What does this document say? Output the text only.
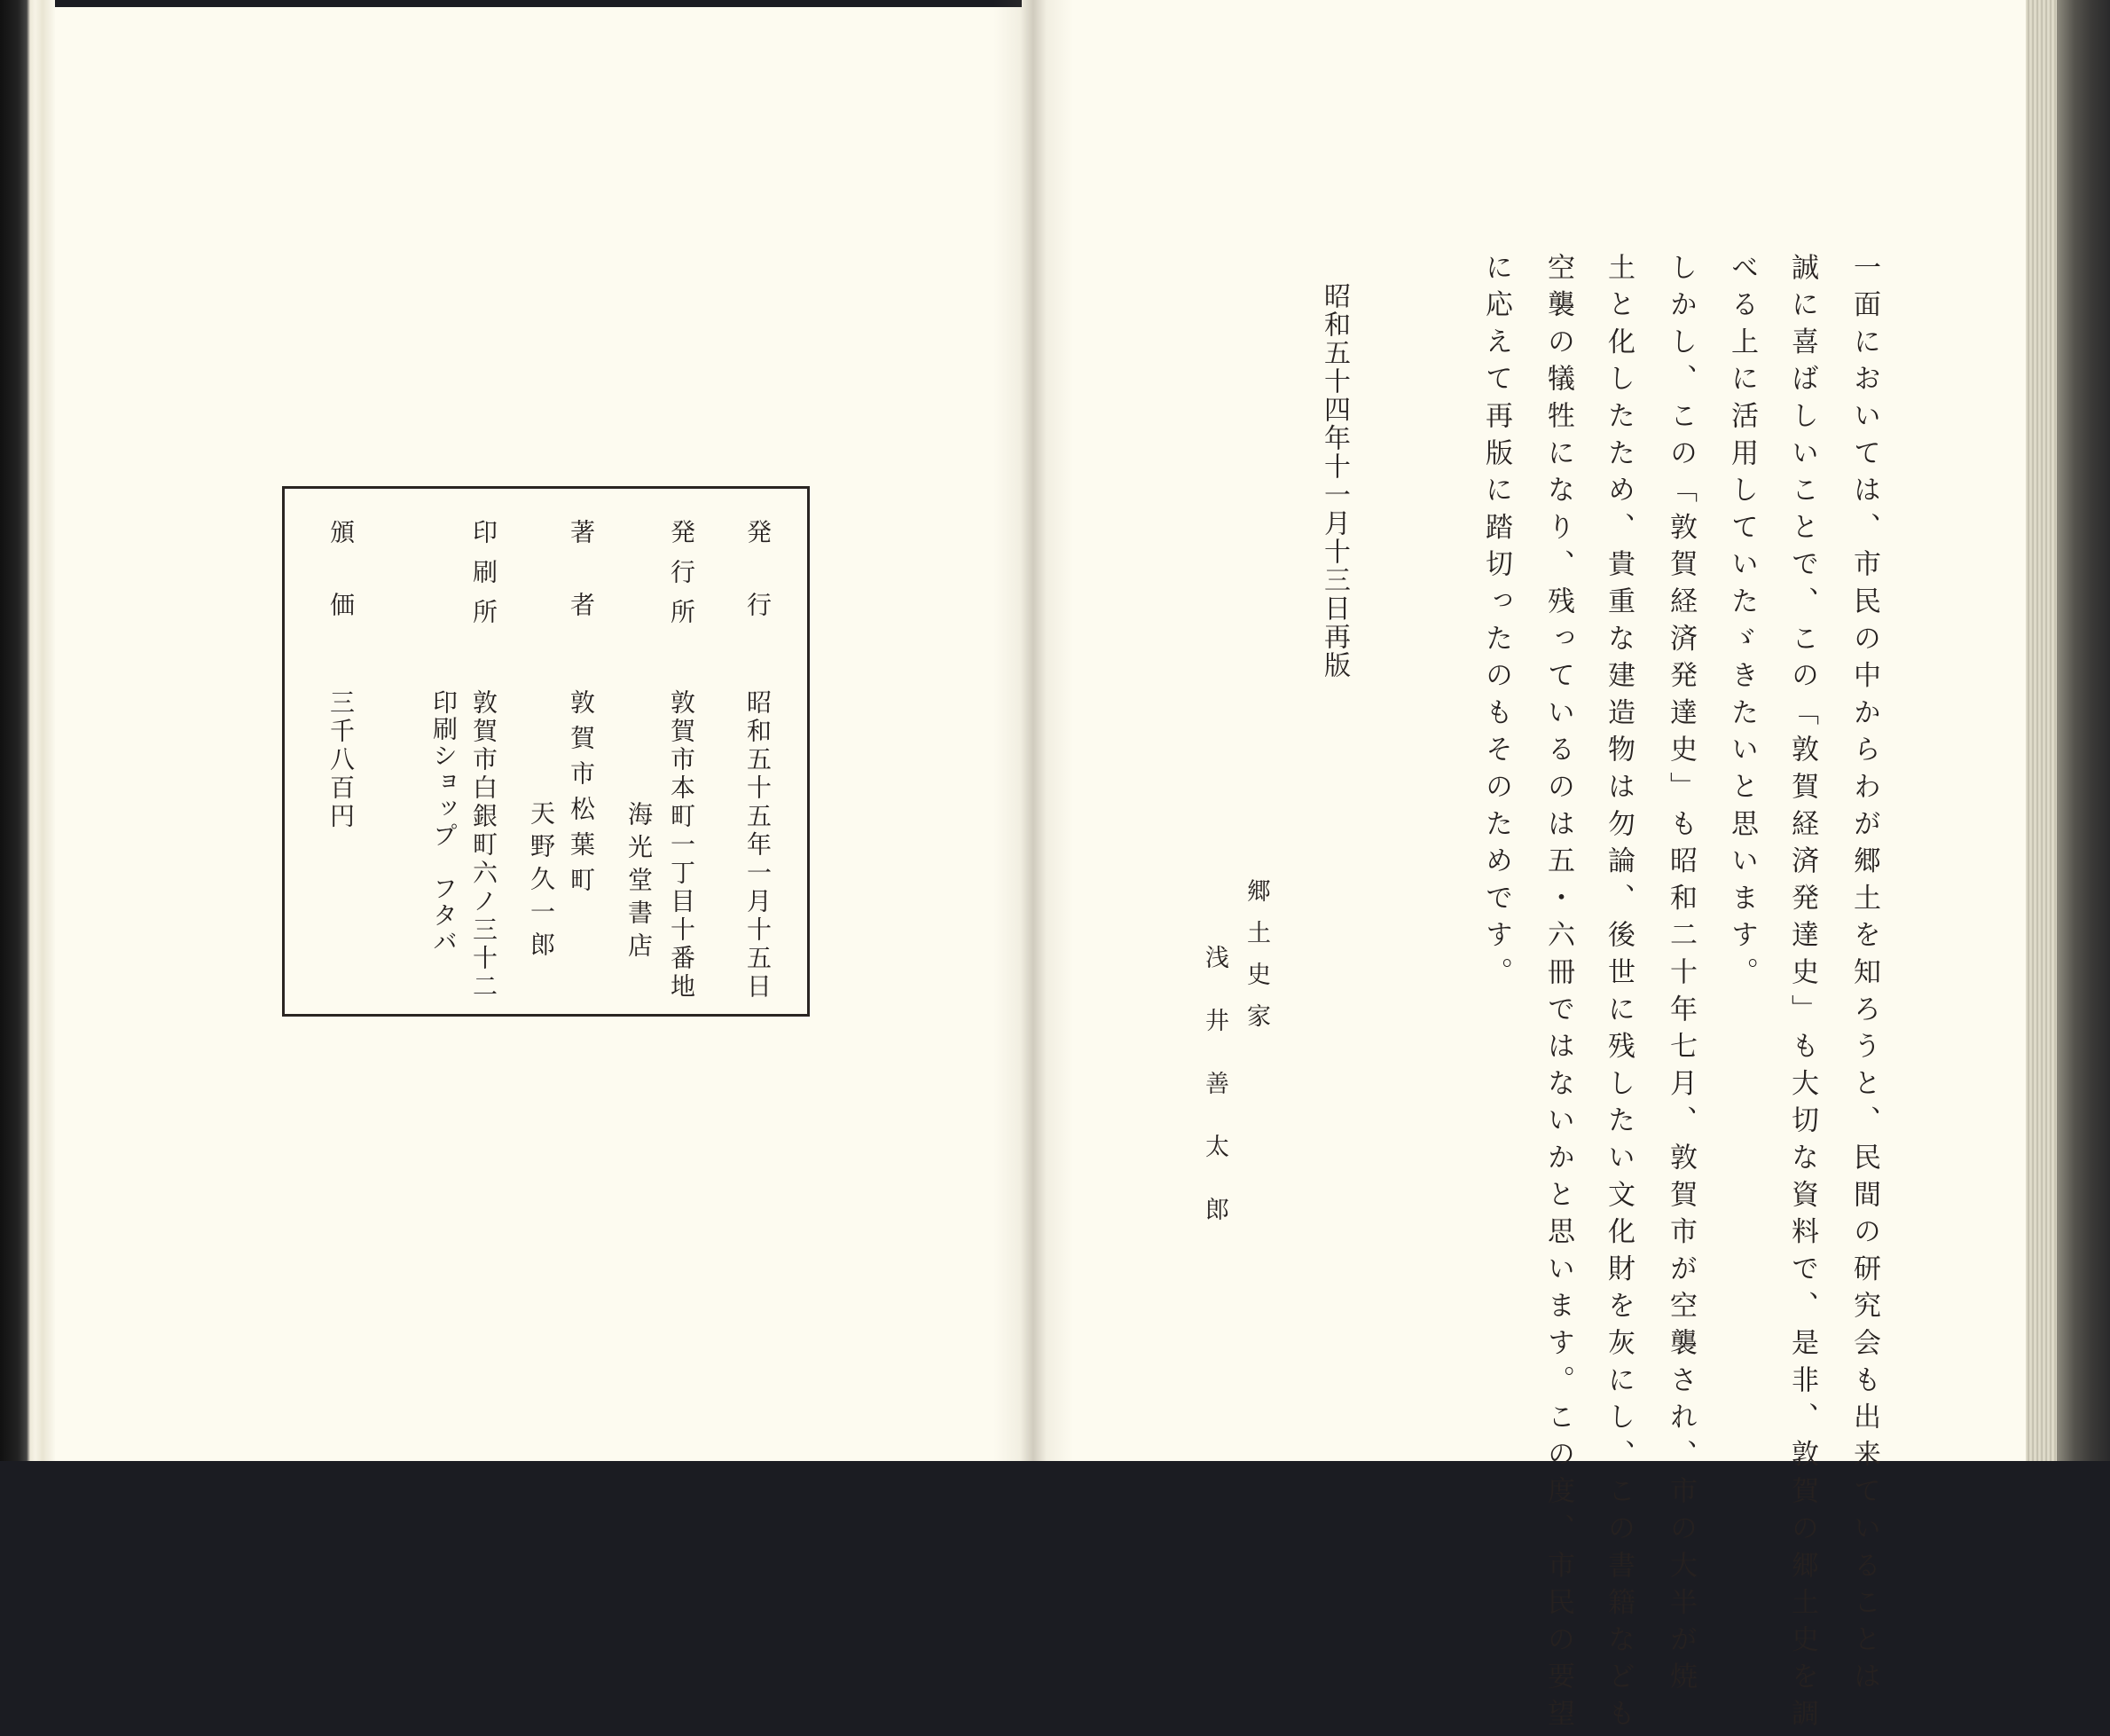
発行
昭和五十五年一月十五日
発行所
敦賀市本町一丁目十番地
海光堂書店
著者
敦賀市松葉町
天野久一郎
印刷所
敦賀市白銀町六ノ三十二
印刷ショップ　フタバ
頒価
三千八百円	一面においては、市民の中からわが郷土を知ろうと、民間の研究会も出来ていることは
誠に喜ばしいことで、この「敦賀経済発達史」も大切な資料で、是非、敦賀の郷土史を調
べる上に活用していたゞきたいと思います。
しかし、この「敦賀経済発達史」も昭和二十年七月、敦賀市が空襲され、市の大半が焼
土と化したため、貴重な建造物は勿論、後世に残したい文化財を灰にし、この書籍なども
空襲の犠牲になり、残っているのは五・六冊ではないかと思います。この度、市民の要望
に応えて再版に踏切ったのもそのためです。
昭和五十四年十一月十三日再版
郷土史家
浅井善太郎
